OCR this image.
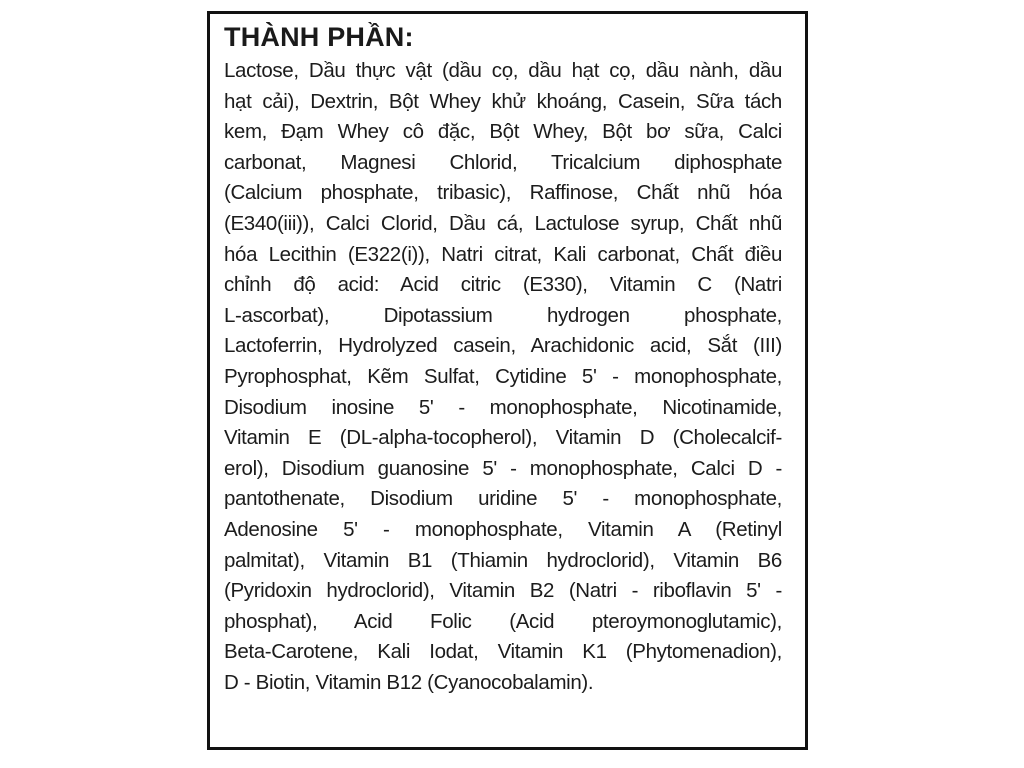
THÀNH PHẦN:
Lactose, Dầu thực vật (dầu cọ, dầu hạt cọ, dầu nành, dầu
hạt cải), Dextrin, Bột Whey khử khoáng, Casein, Sữa tách
kem, Đạm Whey cô đặc, Bột Whey, Bột bơ sữa, Calci
carbonat, Magnesi Chlorid, Tricalcium diphosphate
(Calcium phosphate, tribasic), Raffinose, Chất nhũ hóa
(E340(iii)), Calci Clorid, Dầu cá, Lactulose syrup, Chất nhũ
hóa Lecithin (E322(i)), Natri citrat, Kali carbonat, Chất điều
chỉnh độ acid: Acid citric (E330), Vitamin C (Natri
L-ascorbat), Dipotassium hydrogen phosphate,
Lactoferrin, Hydrolyzed casein, Arachidonic acid, Sắt (III)
Pyrophosphat, Kẽm Sulfat, Cytidine 5' - monophosphate,
Disodium inosine 5' - monophosphate, Nicotinamide,
Vitamin E (DL-alpha-tocopherol), Vitamin D (Cholecalcif-
erol), Disodium guanosine 5' - monophosphate, Calci D -
pantothenate, Disodium uridine 5' - monophosphate,
Adenosine 5' - monophosphate, Vitamin A (Retinyl
palmitat), Vitamin B1 (Thiamin hydroclorid), Vitamin B6
(Pyridoxin hydroclorid), Vitamin B2 (Natri - riboflavin 5' -
phosphat), Acid Folic (Acid pteroymonoglutamic),
Beta-Carotene, Kali Iodat, Vitamin K1 (Phytomenadion),
D - Biotin, Vitamin B12 (Cyanocobalamin).
